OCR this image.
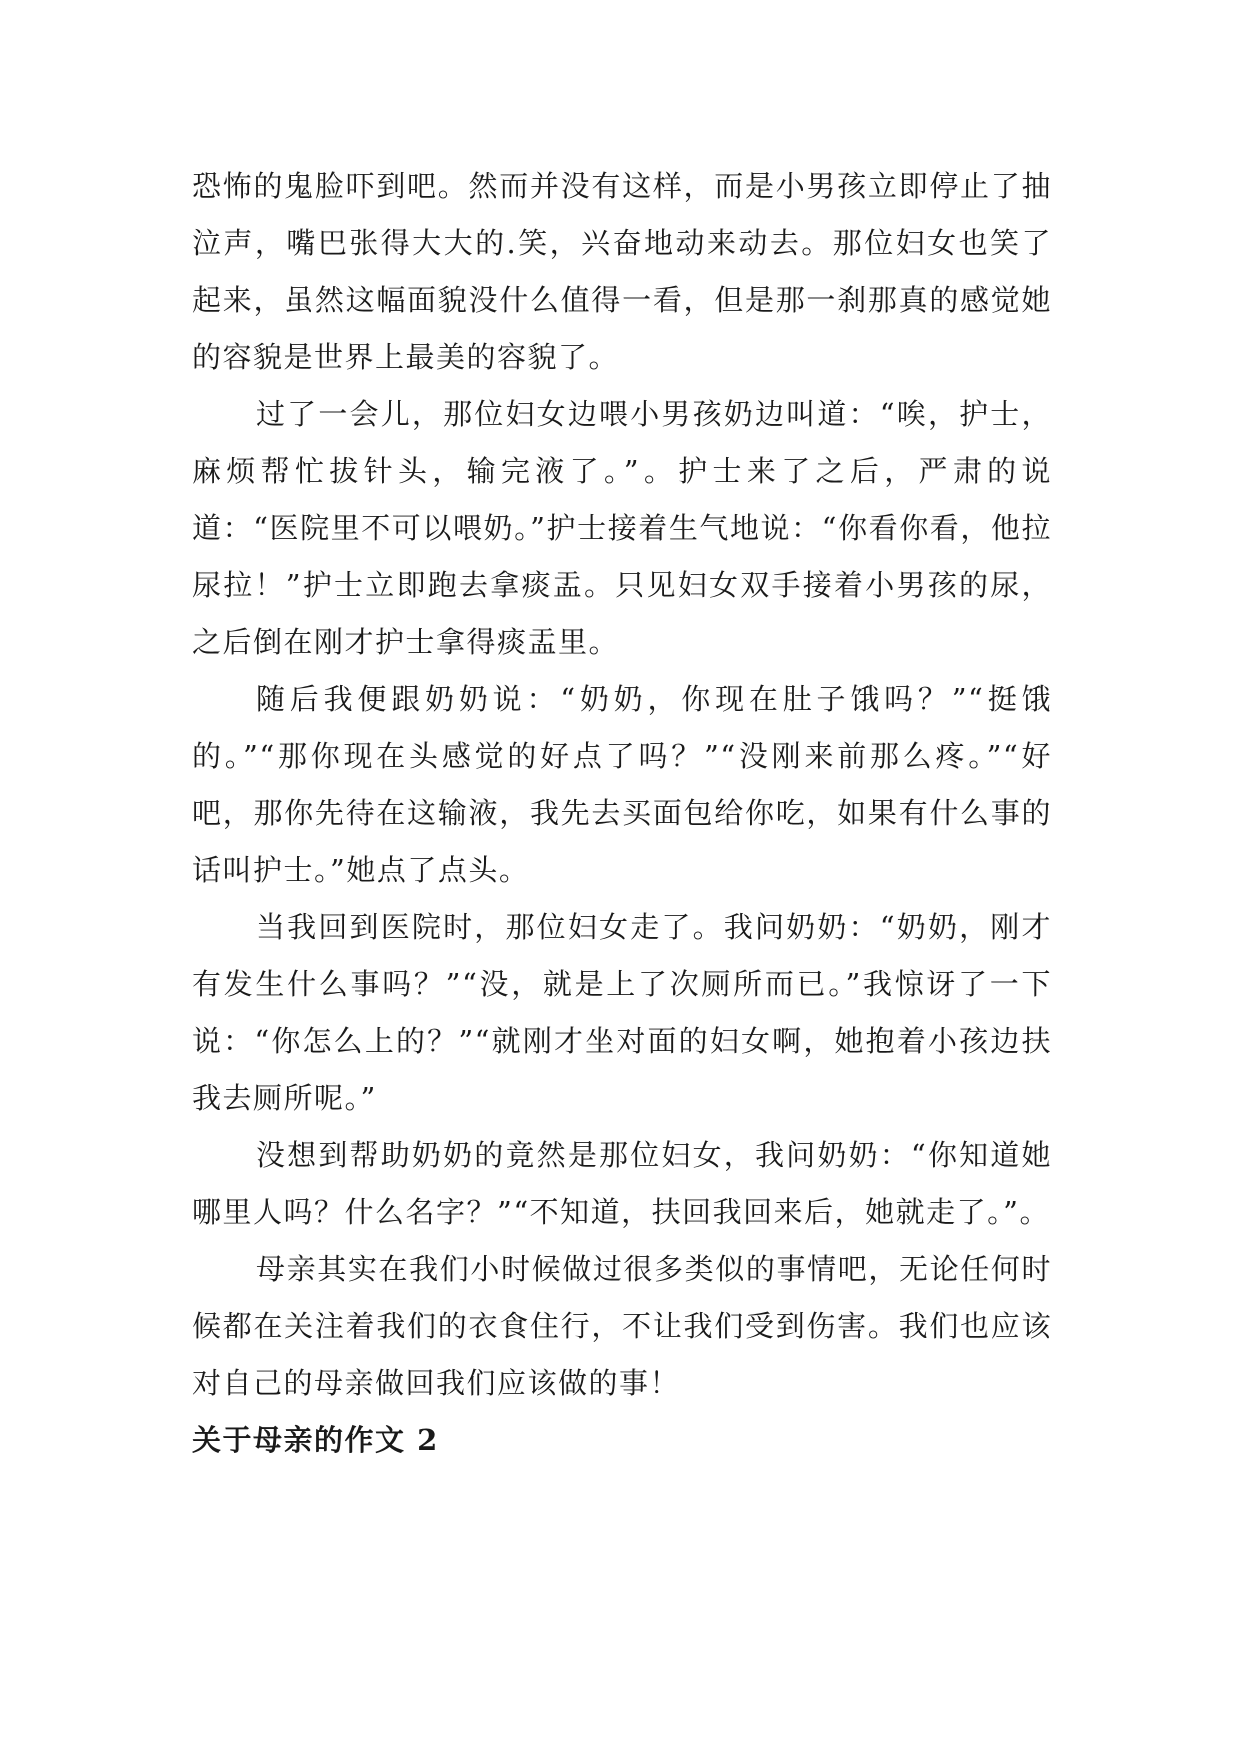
恐怖的鬼脸吓到吧。然而并没有这样，而是小男孩立即停止了抽泣声，嘴巴张得大大的.笑，兴奋地动来动去。那位妇女也笑了起来，虽然这幅面貌没什么值得一看，但是那一刹那真的感觉她的容貌是世界上最美的容貌了。

过了一会儿，那位妇女边喂小男孩奶边叫道：“唉，护士，麻烦帮忙拔针头，输完液了。”。护士来了之后，严肃的说道：“医院里不可以喂奶。”护士接着生气地说：“你看你看，他拉尿拉！”护士立即跑去拿痰盂。只见妇女双手接着小男孩的尿，之后倒在刚才护士拿得痰盂里。

随后我便跟奶奶说：“奶奶，你现在肚子饿吗？”“挺饿的。”“那你现在头感觉的好点了吗？”“没刚来前那么疼。”“好吧，那你先待在这输液，我先去买面包给你吃，如果有什么事的话叫护士。”她点了点头。

当我回到医院时，那位妇女走了。我问奶奶：“奶奶，刚才有发生什么事吗？”“没，就是上了次厕所而已。”我惊讶了一下说：“你怎么上的？”“就刚才坐对面的妇女啊，她抱着小孩边扶我去厕所呢。”

没想到帮助奶奶的竟然是那位妇女，我问奶奶：“你知道她哪里人吗？什么名字？”“不知道，扶回我回来后，她就走了。”。

母亲其实在我们小时候做过很多类似的事情吧，无论任何时候都在关注着我们的衣食住行，不让我们受到伤害。我们也应该对自己的母亲做回我们应该做的事！

关于母亲的作文 2
